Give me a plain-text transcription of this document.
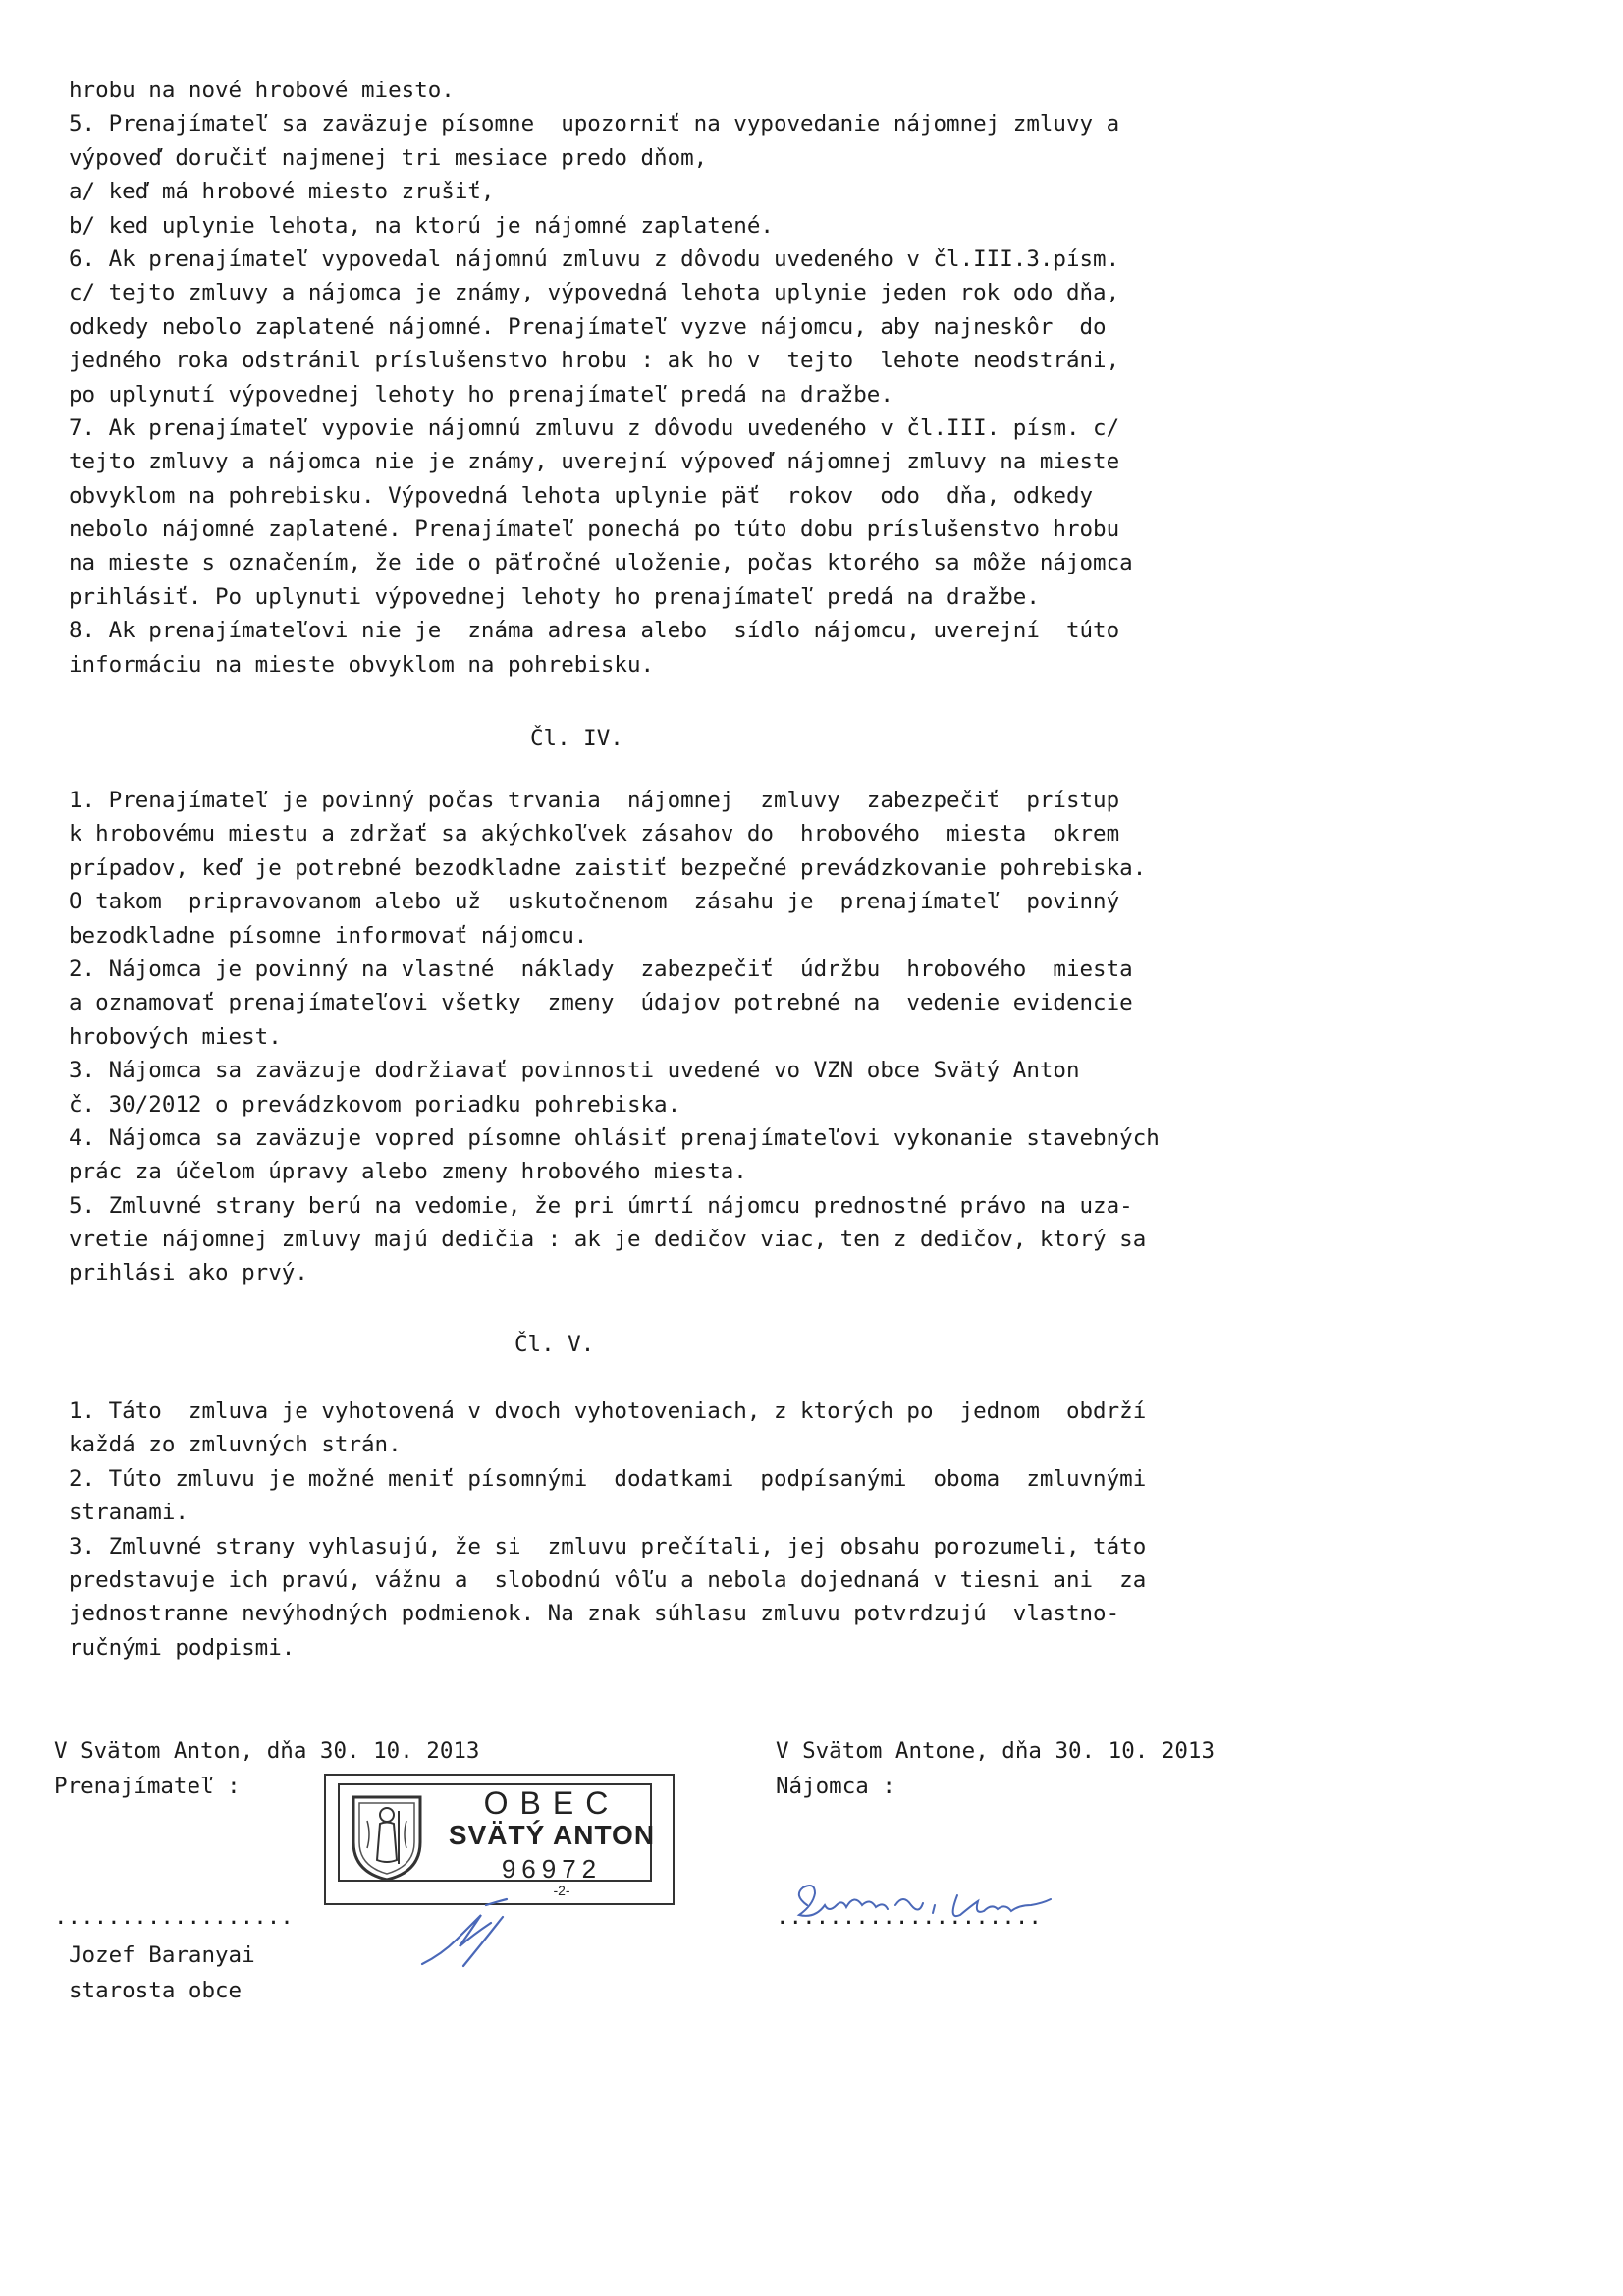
hrobu na nové hrobové miesto.
5. Prenajímateľ sa zaväzuje písomne  upozorniť na vypovedanie nájomnej zmluvy a
výpoveď doručiť najmenej tri mesiace predo dňom,
a/ keď má hrobové miesto zrušiť,
b/ ked uplynie lehota, na ktorú je nájomné zaplatené.
6. Ak prenajímateľ vypovedal nájomnú zmluvu z dôvodu uvedeného v čl.III.3.písm.
c/ tejto zmluvy a nájomca je známy, výpovedná lehota uplynie jeden rok odo dňa,
odkedy nebolo zaplatené nájomné. Prenajímateľ vyzve nájomcu, aby najneskôr  do
jedného roka odstránil príslušenstvo hrobu : ak ho v  tejto  lehote neodstráni,
po uplynutí výpovednej lehoty ho prenajímateľ predá na dražbe.
7. Ak prenajímateľ vypovie nájomnú zmluvu z dôvodu uvedeného v čl.III. písm. c/
tejto zmluvy a nájomca nie je známy, uverejní výpoveď nájomnej zmluvy na mieste
obvyklom na pohrebisku. Výpovedná lehota uplynie päť  rokov  odo  dňa, odkedy
nebolo nájomné zaplatené. Prenajímateľ ponechá po túto dobu príslušenstvo hrobu
na mieste s označením, že ide o päťročné uloženie, počas ktorého sa môže nájomca
prihlásiť. Po uplynuti výpovednej lehoty ho prenajímateľ predá na dražbe.
8. Ak prenajímateľovi nie je  známa adresa alebo  sídlo nájomcu, uverejní  túto
informáciu na mieste obvyklom na pohrebisku.
Čl. IV.
1. Prenajímateľ je povinný počas trvania  nájomnej  zmluvy  zabezpečiť  prístup
k hrobovému miestu a zdržať sa akýchkoľvek zásahov do  hrobového  miesta  okrem
prípadov, keď je potrebné bezodkladne zaistiť bezpečné prevádzkovanie pohrebiska.
O takom  pripravovanom alebo už  uskutočnenom  zásahu je  prenajímateľ  povinný
bezodkladne písomne informovať nájomcu.
2. Nájomca je povinný na vlastné  náklady  zabezpečiť  údržbu  hrobového  miesta
a oznamovať prenajímateľovi všetky  zmeny  údajov potrebné na  vedenie evidencie
hrobových miest.
3. Nájomca sa zaväzuje dodržiavať povinnosti uvedené vo VZN obce Svätý Anton
č. 30/2012 o prevádzkovom poriadku pohrebiska.
4. Nájomca sa zaväzuje vopred písomne ohlásiť prenajímateľovi vykonanie stavebných
prác za účelom úpravy alebo zmeny hrobového miesta.
5. Zmluvné strany berú na vedomie, že pri úmrtí nájomcu prednostné právo na uza-
vretie nájomnej zmluvy majú dedičia : ak je dedičov viac, ten z dedičov, ktorý sa
prihlási ako prvý.
Čl. V.
1. Táto  zmluva je vyhotovená v dvoch vyhotoveniach, z ktorých po  jednom  obdrží
každá zo zmluvných strán.
2. Túto zmluvu je možné meniť písomnými  dodatkami  podpísanými  oboma  zmluvnými
stranami.
3. Zmluvné strany vyhlasujú, že si  zmluvu prečítali, jej obsahu porozumeli, táto
predstavuje ich pravú, vážnu a  slobodnú vôľu a nebola dojednaná v tiesni ani  za
jednostranne nevýhodných podmienok. Na znak súhlasu zmluvu potvrdzujú  vlastno-
ručnými podpismi.
V Svätom Anton, dňa 30. 10. 2013
Prenajímateľ :
V Svätom Antone, dňa 30. 10. 2013
Nájomca :
OBEC
SVÄTÝ ANTON
96972
-2-
..................
Jozef Baranyai
starosta obce
....................
